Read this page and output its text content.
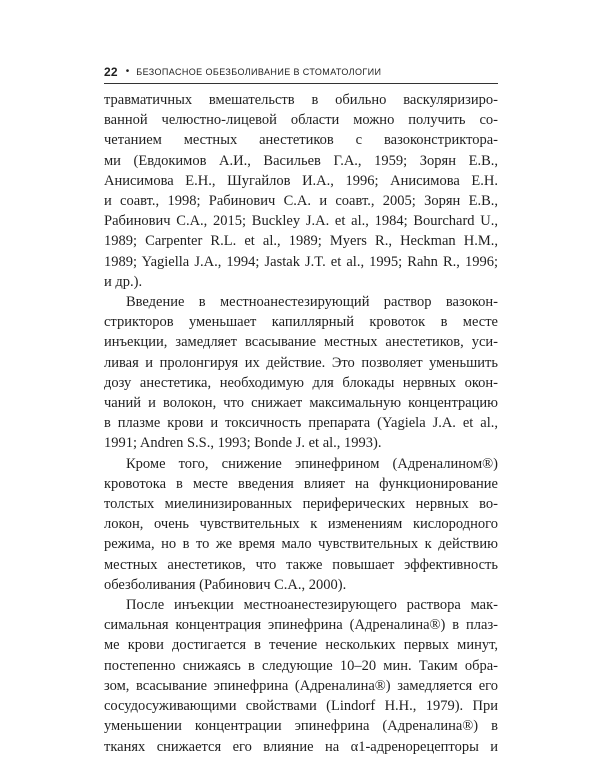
22 • БЕЗОПАСНОЕ ОБЕЗБОЛИВАНИЕ В СТОМАТОЛОГИИ

травматичных вмешательств в обильно васкуляризиро-
ванной челюстно-лицевой области можно получить со-
четанием местных анестетиков с вазоконстриктора-
ми (Евдокимов А.И., Васильев Г.А., 1959; Зорян Е.В.,
Анисимова Е.Н., Шугайлов И.А., 1996; Анисимова Е.Н.
и соавт., 1998; Рабинович С.А. и соавт., 2005; Зорян Е.В.,
Рабинович С.А., 2015; Buckley J.A. et al., 1984; Bourchard U.,
1989; Carpenter R.L. et al., 1989; Myers R., Heckman H.M.,
1989; Yagiella J.A., 1994; Jastak J.T. et al., 1995; Rahn R., 1996;
и др.).

Введение в местноанестезирующий раствор вазокон-
стрикторов уменьшает капиллярный кровоток в месте
инъекции, замедляет всасывание местных анестетиков, уси-
ливая и пролонгируя их действие. Это позволяет уменьшить
дозу анестетика, необходимую для блокады нервных окон-
чаний и волокон, что снижает максимальную концентрацию
в плазме крови и токсичность препарата (Yagiela J.A. et al.,
1991; Andren S.S., 1993; Bonde J. et al., 1993).

Кроме того, снижение эпинефрином (Адреналином®)
кровотока в месте введения влияет на функционирование
толстых миелинизированных периферических нервных во-
локон, очень чувствительных к изменениям кислородного
режима, но в то же время мало чувствительных к действию
местных анестетиков, что также повышает эффективность
обезболивания (Рабинович С.А., 2000).

После инъекции местноанестезирующего раствора мак-
симальная концентрация эпинефрина (Адреналина®) в плаз-
ме крови достигается в течение нескольких первых минут,
постепенно снижаясь в следующие 10–20 мин. Таким обра-
зом, всасывание эпинефрина (Адреналина®) замедляется его
сосудосуживающими свойствами (Lindorf H.H., 1979). При
уменьшении концентрации эпинефрина (Адреналина®) в
тканях снижается его влияние на α1-адренорецепторы и
